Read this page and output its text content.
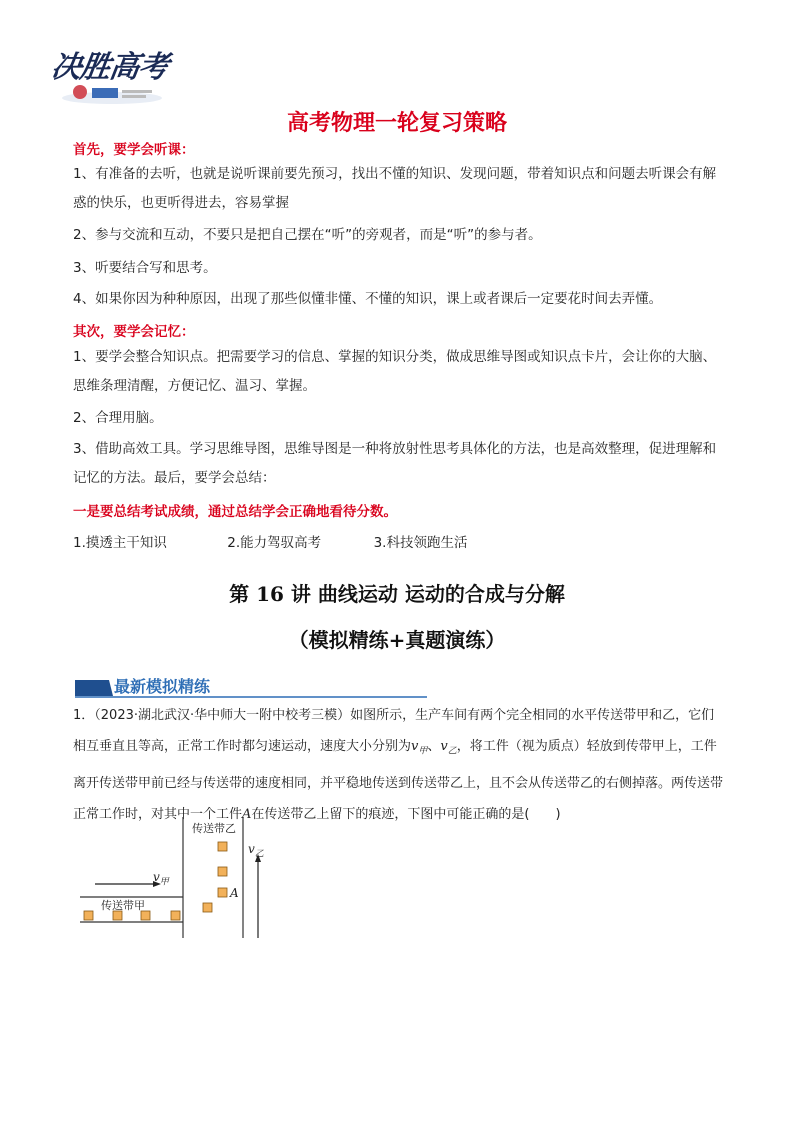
决胜高考
高考物理一轮复习策略
首先，要学会听课：
1、有准备的去听，也就是说听课前要先预习，找出不懂的知识、发现问题，带着知识点和问题去听课会有解惑的快乐，也更听得进去，容易掌握
2、参与交流和互动，不要只是把自己摆在“听”的旁观者，而是“听”的参与者。
3、听要结合写和思考。
4、如果你因为种种原因，出现了那些似懂非懂、不懂的知识，课上或者课后一定要花时间去弄懂。
其次，要学会记忆：
1、要学会整合知识点。把需要学习的信息、掌握的知识分类，做成思维导图或知识点卡片，会让你的大脑、思维条理清醒，方便记忆、温习、掌握。
2、合理用脑。
3、借助高效工具。学习思维导图，思维导图是一种将放射性思考具体化的方法，也是高效整理，促进理解和记忆的方法。最后，要学会总结：
一是要总结考试成绩，通过总结学会正确地看待分数。
1.摸透主干知识	2.能力驾驭高考	3.科技领跑生活
第 16 讲 曲线运动 运动的合成与分解
（模拟精练+真题演练）
最新模拟精练
1．（2023·湖北武汉·华中师大一附中校考三模）如图所示，生产车间有两个完全相同的水平传送带甲和乙，它们相互垂直且等高，正常工作时都匀速运动，速度大小分别为$v_甲$、$v_乙$，将工件（视为质点）轻放到传带甲上，工件离开传送带甲前已经与传送带的速度相同，并平稳地传送到传送带乙上，且不会从传送带乙的右侧掉落。两传送带正常工作时，对其中一个工件A在传送带乙上留下的痕迹，下图中可能正确的是(　　)
传送带乙
传送带甲
$v_甲$
$v_乙$
A
